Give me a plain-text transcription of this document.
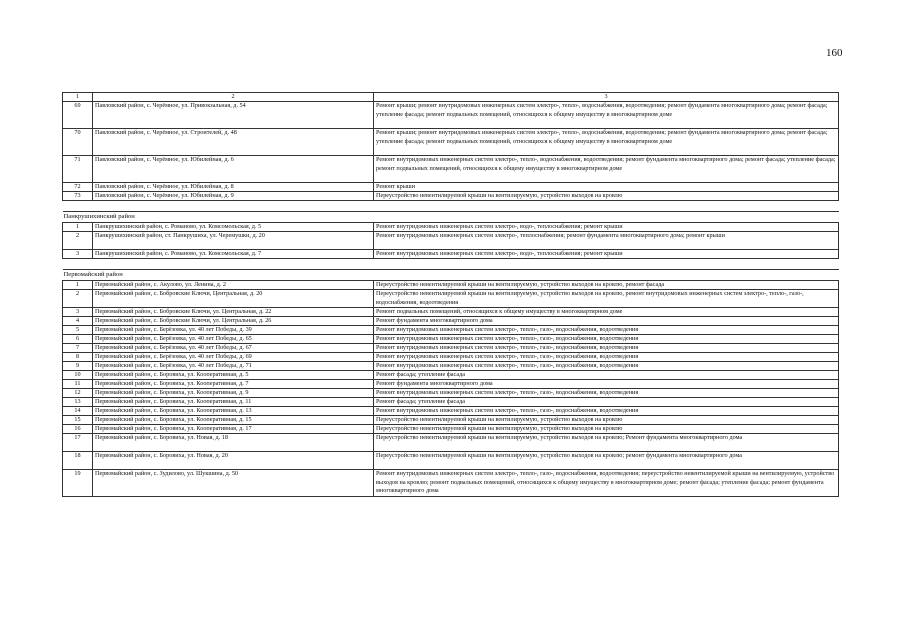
160
1	2	3
69	Павловский район, с. Черёмное, ул. Привокзальная, д. 54	Ремонт крыши; ремонт внутридомовых инженерных систем электро-, тепло-, водоснабжения, водоотведения; ремонт фундамента многоквартирного дома; ремонт фасада; утепление фасада; ремонт подвальных помещений, относящихся к общему имуществу в многоквартирном доме
70	Павловский район, с. Черёмное, ул. Строителей, д. 48	Ремонт крыши; ремонт внутридомовых инженерных систем электро-, тепло-, водоснабжения, водоотведения; ремонт фундамента многоквартирного дома; ремонт фасада; утепление фасада; ремонт подвальных помещений, относящихся к общему имуществу в многоквартирном доме
71	Павловский район, с. Черёмное, ул. Юбилейная, д. 6	Ремонт внутридомовых инженерных систем электро-, тепло-, водоснабжения, водоотведения; ремонт фундамента многоквартирного дома; ремонт фасада; утепление фасада; ремонт подвальных помещений, относящихся к общему имуществу в многоквартирном доме
72	Павловский район, с. Черёмное, ул. Юбилейная, д. 8	Ремонт крыши
73	Павловский район, с. Черёмное, ул. Юбилейная, д. 9	Переустройство невентилируемой крыши на вентилируемую, устройство выходов на кровлю

Панкрушихинский район		
1	Панкрушихинский район, с. Романово, ул. Комсомольская, д. 5	Ремонт внутридомовых инженерных систем электро-, водо-, теплоснабжения; ремонт крыши
2	Панкрушихинский район, ст. Панкрушиха, ул. Черемушки, д. 20	Ремонт внутридомовых инженерных систем электро-, теплоснабжения; ремонт фундамента многоквартирного дома; ремонт крыши
3	Панкрушихинский район, с. Романово, ул. Комсомольская, д. 7	Ремонт внутридомовых инженерных систем электро-, водо-, теплоснабжения; ремонт крыши

Первомайский район		
1	Первомайский район, с. Акулово, ул. Ленина, д. 2	Переустройство невентилируемой крыши на вентилируемую, устройство выходов на кровлю, ремонт фасада
2	Первомайский район, с. Бобровские Ключи, Центральная, д. 20	Переустройство невентилируемой крыши на вентилируемую, устройство выходов на кровлю, ремонт внутридомовых инженерных систем электро-, тепло-, газо-, водоснабжения, водоотведения
3	Первомайский район, с. Бобровские Ключи, ул. Центральная, д. 22	Ремонт подвальных помещений, относящихся к общему имуществу в многоквартирном доме
4	Первомайский район, с. Бобровские Ключи, ул. Центральная, д. 26	Ремонт фундамента многоквартирного дома
5	Первомайский район, с. Берёзовка, ул. 40 лет Победы, д. 39	Ремонт внутридомовых инженерных систем электро-, тепло-, газо-, водоснабжения, водоотведения
6	Первомайский район, с. Берёзовка, ул. 40 лет Победы, д. 65	Ремонт внутридомовых инженерных систем электро-, тепло-, газо-, водоснабжения, водоотведения
7	Первомайский район, с. Берёзовка, ул. 40 лет Победы, д. 67	Ремонт внутридомовых инженерных систем электро-, тепло-, газо-, водоснабжения, водоотведения
8	Первомайский район, с. Берёзовка, ул. 40 лет Победы, д. 69	Ремонт внутридомовых инженерных систем электро-, тепло-, газо-, водоснабжения, водоотведения
9	Первомайский район, с. Берёзовка, ул. 40 лет Победы, д. 71	Ремонт внутридомовых инженерных систем электро-, тепло-, газо-, водоснабжения, водоотведения
10	Первомайский район, с. Боровиха, ул. Кооперативная, д. 5	Ремонт фасада; утепление фасада
11	Первомайский район, с. Боровиха, ул. Кооперативная, д. 7	Ремонт фундамента многоквартирного дома
12	Первомайский район, с. Боровиха, ул. Кооперативная, д. 9	Ремонт внутридомовых инженерных систем электро-, тепло-, газо-, водоснабжения, водоотведения
13	Первомайский район, с. Боровиха, ул. Кооперативная, д. 11	Ремонт фасада; утепление фасада
14	Первомайский район, с. Боровиха, ул. Кооперативная, д. 13	Ремонт внутридомовых инженерных систем электро-, тепло-, газо-, водоснабжения, водоотведения
15	Первомайский район, с. Боровиха, ул. Кооперативная, д. 15	Переустройство невентилируемой крыши на вентилируемую, устройство выходов на кровлю
16	Первомайский район, с. Боровиха, ул. Кооперативная, д. 17	Переустройство невентилируемой крыши на вентилируемую, устройство выходов на кровлю
17	Первомайский район, с. Боровиха, ул. Новая, д. 18	Переустройство невентилируемой крыши на вентилируемую, устройство выходов на кровлю; Ремонт фундамента многоквартирного дома
18	Первомайский район, с. Боровиха, ул. Новая, д. 20	Переустройство невентилируемой крыши на вентилируемую, устройство выходов на кровлю; ремонт фундамента многоквартирного дома
19	Первомайский район, с. Зудилово, ул. Шукшина, д. 50	Ремонт внутридомовых инженерных систем электро-, тепло-, газо-, водоснабжения, водоотведения; переустройство невентилируемой крыши на вентилируемую, устройство выходов на кровлю; ремонт подвальных помещений, относящихся к общему имуществу в многоквартирном доме; ремонт фасада; утепление фасада; ремонт фундамента многоквартирного дома
